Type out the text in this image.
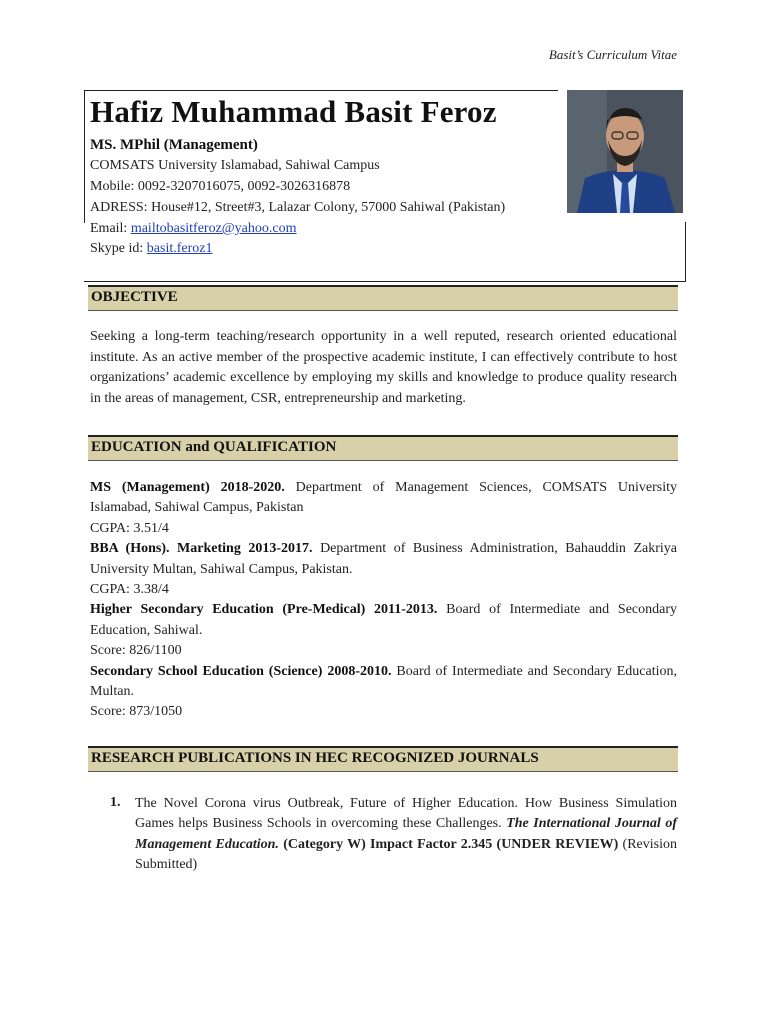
Basit’s Curriculum Vitae
Hafiz Muhammad Basit Feroz
MS. MPhil (Management)
COMSATS University Islamabad, Sahiwal Campus
Mobile: 0092-3207016075, 0092-3026316878
ADRESS: House#12, Street#3, Lalazar Colony, 57000 Sahiwal (Pakistan)
Email: mailtobasitferoz@yahoo.com
Skype id: basit.feroz1
OBJECTIVE
Seeking a long-term teaching/research opportunity in a well reputed, research oriented educational institute. As an active member of the prospective academic institute, I can effectively contribute to host organizations’ academic excellence by employing my skills and knowledge to produce quality research in the areas of management, CSR, entrepreneurship and marketing.
EDUCATION and QUALIFICATION
MS (Management) 2018-2020. Department of Management Sciences, COMSATS University Islamabad, Sahiwal Campus, Pakistan
CGPA: 3.51/4
BBA (Hons). Marketing 2013-2017. Department of Business Administration, Bahauddin Zakriya University Multan, Sahiwal Campus, Pakistan.
CGPA: 3.38/4
Higher Secondary Education (Pre-Medical) 2011-2013. Board of Intermediate and Secondary Education, Sahiwal.
Score: 826/1100
Secondary School Education (Science) 2008-2010. Board of Intermediate and Secondary Education, Multan.
Score: 873/1050
RESEARCH PUBLICATIONS IN HEC RECOGNIZED JOURNALS
1. The Novel Corona virus Outbreak, Future of Higher Education. How Business Simulation Games helps Business Schools in overcoming these Challenges. The International Journal of Management Education. (Category W) Impact Factor 2.345 (UNDER REVIEW) (Revision Submitted)
